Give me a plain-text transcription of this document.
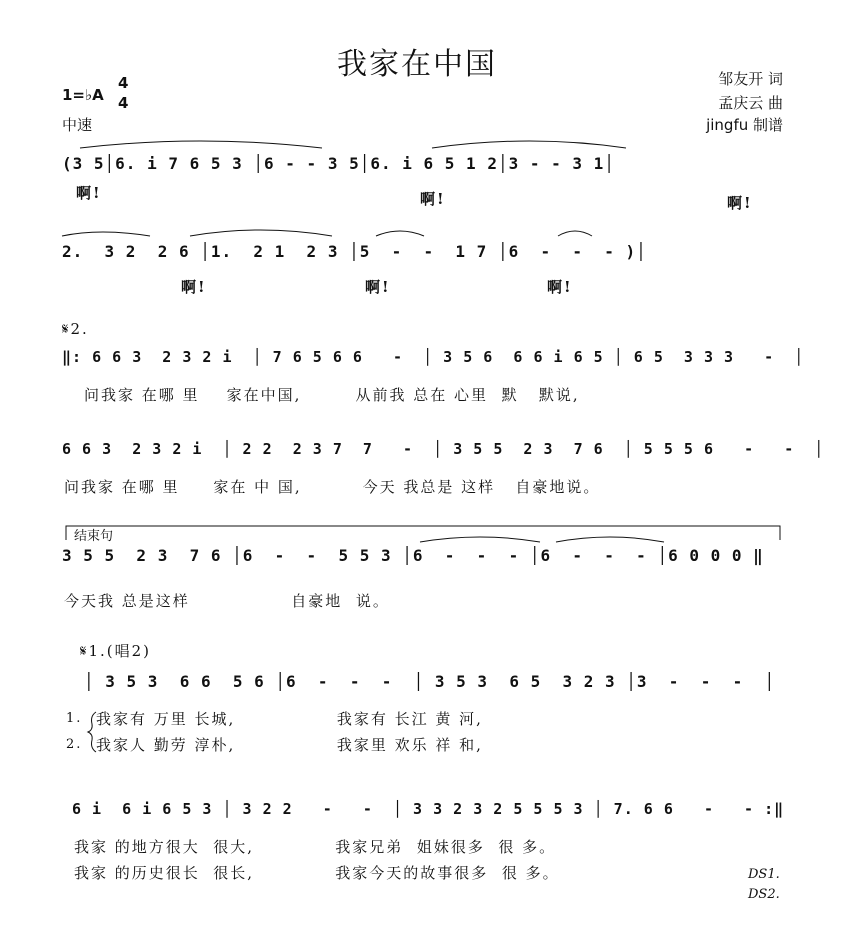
我家在中国
1=♭A
4
4
中速
邹友开 词
孟庆云 曲
jingfu 制谱
(3 5│6. i 7 6 5 3 │6 - - 3 5│6. i 6 5 1 2│3 - - 3 1│
啊!	啊!	啊!
2.  3 2  2 6 │1.  2 1  2 3 │5  -  -  1 7 │6  -  -  - )│
啊!	啊!	啊!
𝄋2.
‖: 6 6 3  2 3 2 i  │ 7 6 5 6 6   -  │ 3 5 6  6 6 i 6 5 │ 6 5  3 3 3   -  │
问我家 在哪 里    家在中国,        从前我 总在 心里  默   默说,
6 6 3  2 3 2 i  │ 2 2  2 3 7  7   -  │ 3 5 5  2 3  7 6  │ 5 5 5 6   -   -  │
问我家 在哪 里     家在 中 国,         今天 我总是 这样   自豪地说。
结束句
3 5 5  2 3  7 6 │6  -  -  5 5 3 │6  -  -  - │6  -  -  - │6 0 0 0 ‖
今天我 总是这样               自豪地  说。
𝄋1.(唱2)
│ 3 5 3  6 6  5 6 │6  -  -  -  │ 3 5 3  6 5  3 2 3 │3  -  -  -  │
1.
2.
我家有 万里 长城,               我家有 长江 黄 河,
我家人 勤劳 淳朴,               我家里 欢乐 祥 和,
6 i  6 i 6 5 3 │ 3 2 2   -   -  │ 3 3 2 3 2 5 5 5 3 │ 7. 6 6   -   - :‖
我家 的地方很大  很大,            我家兄弟  姐妹很多  很 多。
我家 的历史很长  很长,            我家今天的故事很多  很 多。	DS1.
DS2.
